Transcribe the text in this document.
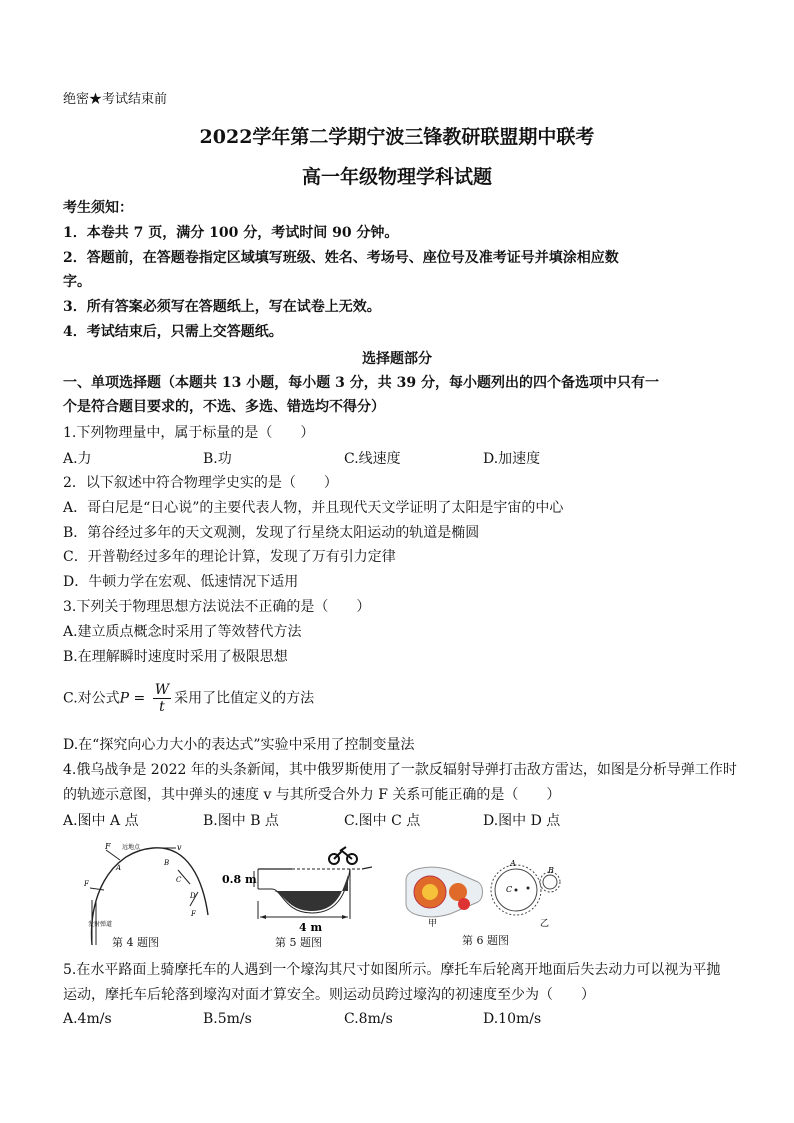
绝密★考试结束前
2022学年第二学期宁波三锋教研联盟期中联考
高一年级物理学科试题
考生须知：
1．本卷共 7 页，满分 100 分，考试时间 90 分钟。
2．答题前，在答题卷指定区域填写班级、姓名、考场号、座位号及准考证号并填涂相应数
字。
3．所有答案必须写在答题纸上，写在试卷上无效。
4．考试结束后，只需上交答题纸。
选择题部分
一、单项选择题（本题共 13 小题，每小题 3 分，共 39 分，每小题列出的四个备选项中只有一
个是符合题目要求的，不选、多选、错选均不得分）
1.下列物理量中，属于标量的是（　　）
A.力	B.功	C.线速度	D.加速度
2．以下叙述中符合物理学史实的是（　　）
A．哥白尼是“日心说”的主要代表人物，并且现代天文学证明了太阳是宇宙的中心
B．第谷经过多年的天文观测，发现了行星绕太阳运动的轨道是椭圆
C．开普勒经过多年的理论计算，发现了万有引力定律
D．牛顿力学在宏观、低速情况下适用
3.下列关于物理思想方法说法不正确的是（　　）
A.建立质点概念时采用了等效替代方法
B.在理解瞬时速度时采用了极限思想
C.对公式$P = \frac{W}{t}$ 采用了比值定义的方法
D.在“探究向心力大小的表达式”实验中采用了控制变量法
4.俄乌战争是 2022 年的头条新闻，其中俄罗斯使用了一款反辐射导弹打击敌方雷达，如图是分析导弹工作时
的轨迹示意图，其中弹头的速度 v 与其所受合外力 F 关系可能正确的是（　　）
A.图中 A 点	B.图中 B 点	C.图中 C 点	D.图中 D 点
F 远地点	v
A
B
C
D
F
F
发射弹道
第 4 题图
0.8 m
4 m
第 5 题图
A
C
B
甲	乙
第 6 题图
5.在水平路面上骑摩托车的人遇到一个壕沟其尺寸如图所示。摩托车后轮离开地面后失去动力可以视为平抛
运动，摩托车后轮落到壕沟对面才算安全。则运动员跨过壕沟的初速度至少为（　　）
A.4m/s	B.5m/s	C.8m/s	D.10m/s
